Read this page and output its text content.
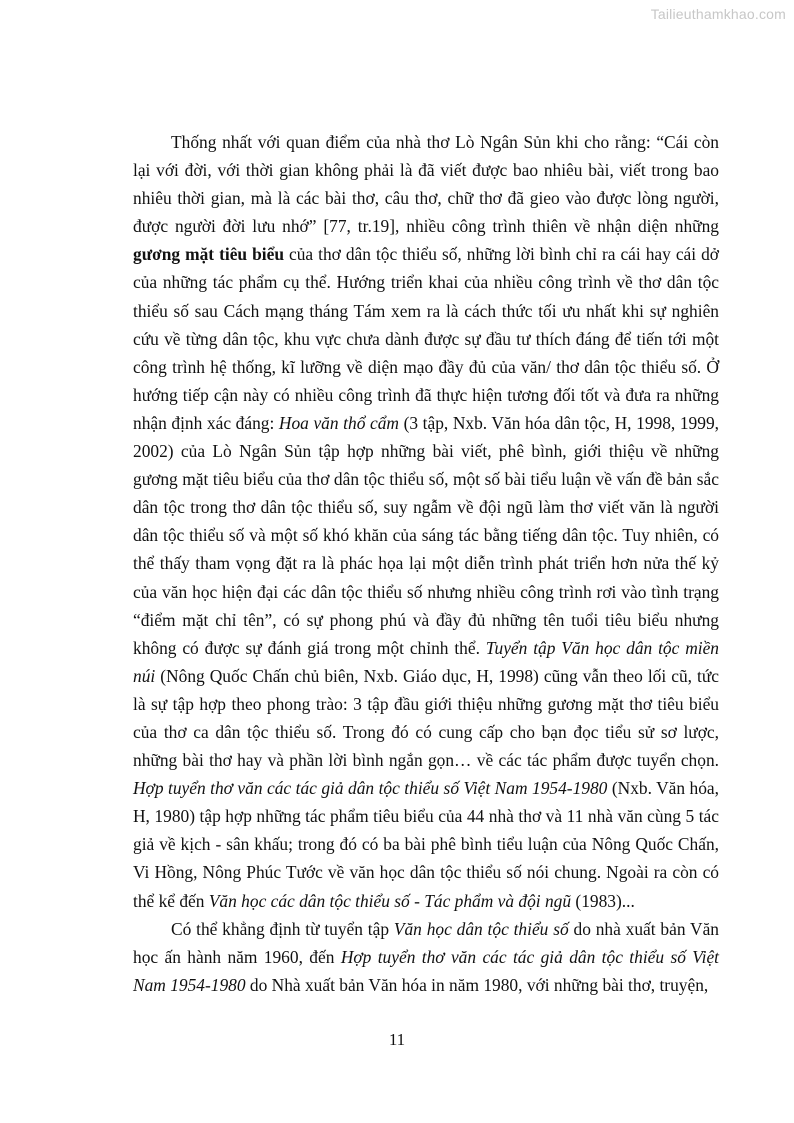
Tailieuthamkhao.com

Thống nhất với quan điểm của nhà thơ Lò Ngân Sủn khi cho rằng: “Cái còn lại với đời, với thời gian không phải là đã viết được bao nhiêu bài, viết trong bao nhiêu thời gian, mà là các bài thơ, câu thơ, chữ thơ đã gieo vào được lòng người, được người đời lưu nhớ” [77, tr.19], nhiều công trình thiên về nhận diện những gương mặt tiêu biểu của thơ dân tộc thiểu số, những lời bình chỉ ra cái hay cái dở của những tác phẩm cụ thể. Hướng triển khai của nhiều công trình về thơ dân tộc thiểu số sau Cách mạng tháng Tám xem ra là cách thức tối ưu nhất khi sự nghiên cứu về từng dân tộc, khu vực chưa dành được sự đầu tư thích đáng để tiến tới một công trình hệ thống, kĩ lưỡng về diện mạo đầy đủ của văn/ thơ dân tộc thiểu số. Ở hướng tiếp cận này có nhiều công trình đã thực hiện tương đối tốt và đưa ra những nhận định xác đáng: Hoa văn thổ cẩm (3 tập, Nxb. Văn hóa dân tộc, H, 1998, 1999, 2002) của Lò Ngân Sủn tập hợp những bài viết, phê bình, giới thiệu về những gương mặt tiêu biểu của thơ dân tộc thiểu số, một số bài tiểu luận về vấn đề bản sắc dân tộc trong thơ dân tộc thiểu số, suy ngẫm về đội ngũ làm thơ viết văn là người dân tộc thiểu số và một số khó khăn của sáng tác bằng tiếng dân tộc. Tuy nhiên, có thể thấy tham vọng đặt ra là phác họa lại một diễn trình phát triển hơn nửa thế kỷ của văn học hiện đại các dân tộc thiểu số nhưng nhiều công trình rơi vào tình trạng “điểm mặt chỉ tên”, có sự phong phú và đầy đủ những tên tuổi tiêu biểu nhưng không có được sự đánh giá trong một chỉnh thể. Tuyển tập Văn học dân tộc miền núi (Nông Quốc Chấn chủ biên, Nxb. Giáo dục, H, 1998) cũng vẫn theo lối cũ, tức là sự tập hợp theo phong trào: 3 tập đầu giới thiệu những gương mặt thơ tiêu biểu của thơ ca dân tộc thiểu số. Trong đó có cung cấp cho bạn đọc tiểu sử sơ lược, những bài thơ hay và phần lời bình ngắn gọn… về các tác phẩm được tuyển chọn. Hợp tuyển thơ văn các tác giả dân tộc thiểu số Việt Nam 1954-1980 (Nxb. Văn hóa, H, 1980) tập hợp những tác phẩm tiêu biểu của 44 nhà thơ và 11 nhà văn cùng 5 tác giả về kịch - sân khấu; trong đó có ba bài phê bình tiểu luận của Nông Quốc Chấn, Vi Hồng, Nông Phúc Tước về văn học dân tộc thiểu số nói chung. Ngoài ra còn có thể kể đến Văn học các dân tộc thiểu số - Tác phẩm và đội ngũ (1983)...

Có thể khẳng định từ tuyển tập Văn học dân tộc thiểu số do nhà xuất bản Văn học ấn hành năm 1960, đến Hợp tuyển thơ văn các tác giả dân tộc thiểu số Việt Nam 1954-1980 do Nhà xuất bản Văn hóa in năm 1980, với những bài thơ, truyện,

11
